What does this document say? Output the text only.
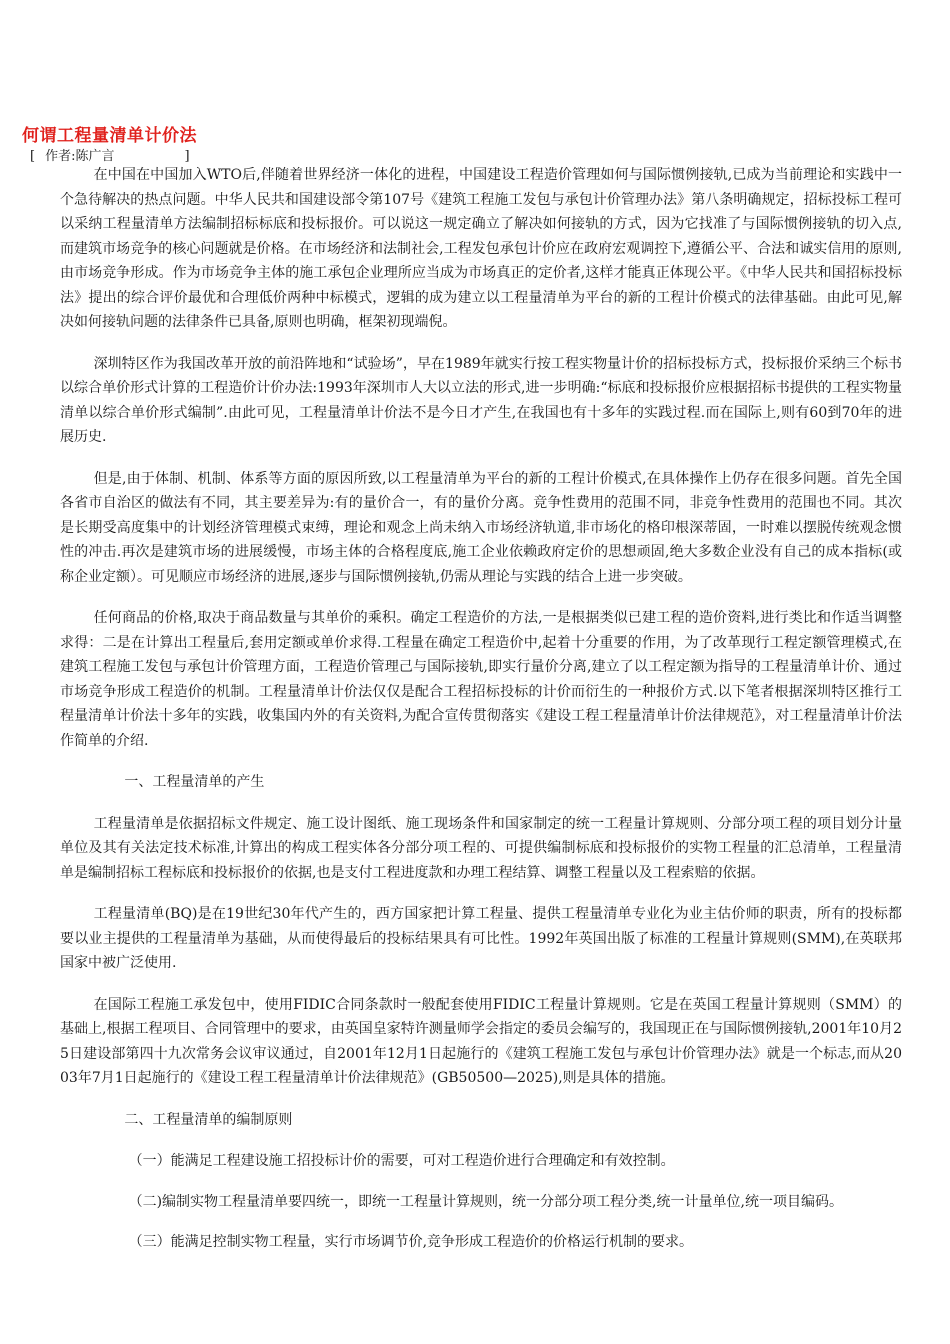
何谓工程量清单计价法
[ 作者:陈广言	]

在中国在中国加入WTO后,伴随着世界经济一体化的进程，中国建设工程造价管理如何与国际惯例接轨,已成为当前理论和实践中一个急待解决的热点问题。中华人民共和国建设部令第107号《建筑工程施工发包与承包计价管理办法》第八条明确规定，招标投标工程可以采纳工程量清单方法编制招标标底和投标报价。可以说这一规定确立了解决如何接轨的方式，因为它找准了与国际惯例接轨的切入点,而建筑市场竞争的核心问题就是价格。在市场经济和法制社会,工程发包承包计价应在政府宏观调控下,遵循公平、合法和诚实信用的原则,由市场竞争形成。作为市场竞争主体的施工承包企业理所应当成为市场真正的定价者,这样才能真正体现公平。《中华人民共和国招标投标法》提出的综合评价最优和合理低价两种中标模式，逻辑的成为建立以工程量清单为平台的新的工程计价模式的法律基础。由此可见,解决如何接轨问题的法律条件已具备,原则也明确，框架初现端倪。

深圳特区作为我国改革开放的前沿阵地和“试验场”，早在1989年就实行按工程实物量计价的招标投标方式，投标报价采纳三个标书以综合单价形式计算的工程造价计价办法:1993年深圳市人大以立法的形式,进一步明确:“标底和投标报价应根据招标书提供的工程实物量清单以综合单价形式编制”.由此可见，工程量清单计价法不是今日才产生,在我国也有十多年的实践过程.而在国际上,则有60到70年的进展历史.

但是,由于体制、机制、体系等方面的原因所致,以工程量清单为平台的新的工程计价模式,在具体操作上仍存在很多问题。首先全国各省市自治区的做法有不同，其主要差异为:有的量价合一，有的量价分离。竞争性费用的范围不同，非竞争性费用的范围也不同。其次是长期受高度集中的计划经济管理模式束缚，理论和观念上尚未纳入市场经济轨道,非市场化的格印根深蒂固，一时难以摆脱传统观念惯性的冲击.再次是建筑市场的进展缓慢，市场主体的合格程度底,施工企业依赖政府定价的思想顽固,绝大多数企业没有自己的成本指标(或称企业定额）。可见顺应市场经济的进展,逐步与国际惯例接轨,仍需从理论与实践的结合上进一步突破。

任何商品的价格,取决于商品数量与其单价的乘积。确定工程造价的方法,一是根据类似已建工程的造价资料,进行类比和作适当调整求得：二是在计算出工程量后,套用定额或单价求得.工程量在确定工程造价中,起着十分重要的作用，为了改革现行工程定额管理模式,在建筑工程施工发包与承包计价管理方面，工程造价管理己与国际接轨,即实行量价分离,建立了以工程定额为指导的工程量清单计价、通过市场竞争形成工程造价的机制。工程量清单计价法仅仅是配合工程招标投标的计价而衍生的一种报价方式.以下笔者根据深圳特区推行工程量清单计价法十多年的实践，收集国内外的有关资料,为配合宣传贯彻落实《建设工程工程量清单计价法律规范》，对工程量清单计价法作简单的介绍.

一、工程量清单的产生

工程量清单是依据招标文件规定、施工设计图纸、施工现场条件和国家制定的统一工程量计算规则、分部分项工程的项目划分计量单位及其有关法定技术标准,计算出的构成工程实体各分部分项工程的、可提供编制标底和投标报价的实物工程量的汇总清单，工程量清单是编制招标工程标底和投标报价的依据,也是支付工程进度款和办理工程结算、调整工程量以及工程索赔的依据。

工程量清单(BQ)是在19世纪30年代产生的，西方国家把计算工程量、提供工程量清单专业化为业主估价师的职责，所有的投标都要以业主提供的工程量清单为基础，从而使得最后的投标结果具有可比性。1992年英国出版了标准的工程量计算规则(SMM),在英联邦国家中被广泛使用.

在国际工程施工承发包中，使用FIDIC合同条款时一般配套使用FIDIC工程量计算规则。它是在英国工程量计算规则（SMM）的基础上,根据工程项目、合同管理中的要求，由英国皇家特许测量师学会指定的委员会编写的，我国现正在与国际惯例接轨,2001年10月25日建设部第四十九次常务会议审议通过，自2001年12月1日起施行的《建筑工程施工发包与承包计价管理办法》就是一个标志,而从2003年7月1日起施行的《建设工程工程量清单计价法律规范》(GB50500—2025),则是具体的措施。

二、工程量清单的编制原则

（一）能满足工程建设施工招投标计价的需要，可对工程造价进行合理确定和有效控制。

（二)编制实物工程量清单要四统一，即统一工程量计算规则，统一分部分项工程分类,统一计量单位,统一项目编码。

（三）能满足控制实物工程量，实行市场调节价,竞争形成工程造价的价格运行机制的要求。
